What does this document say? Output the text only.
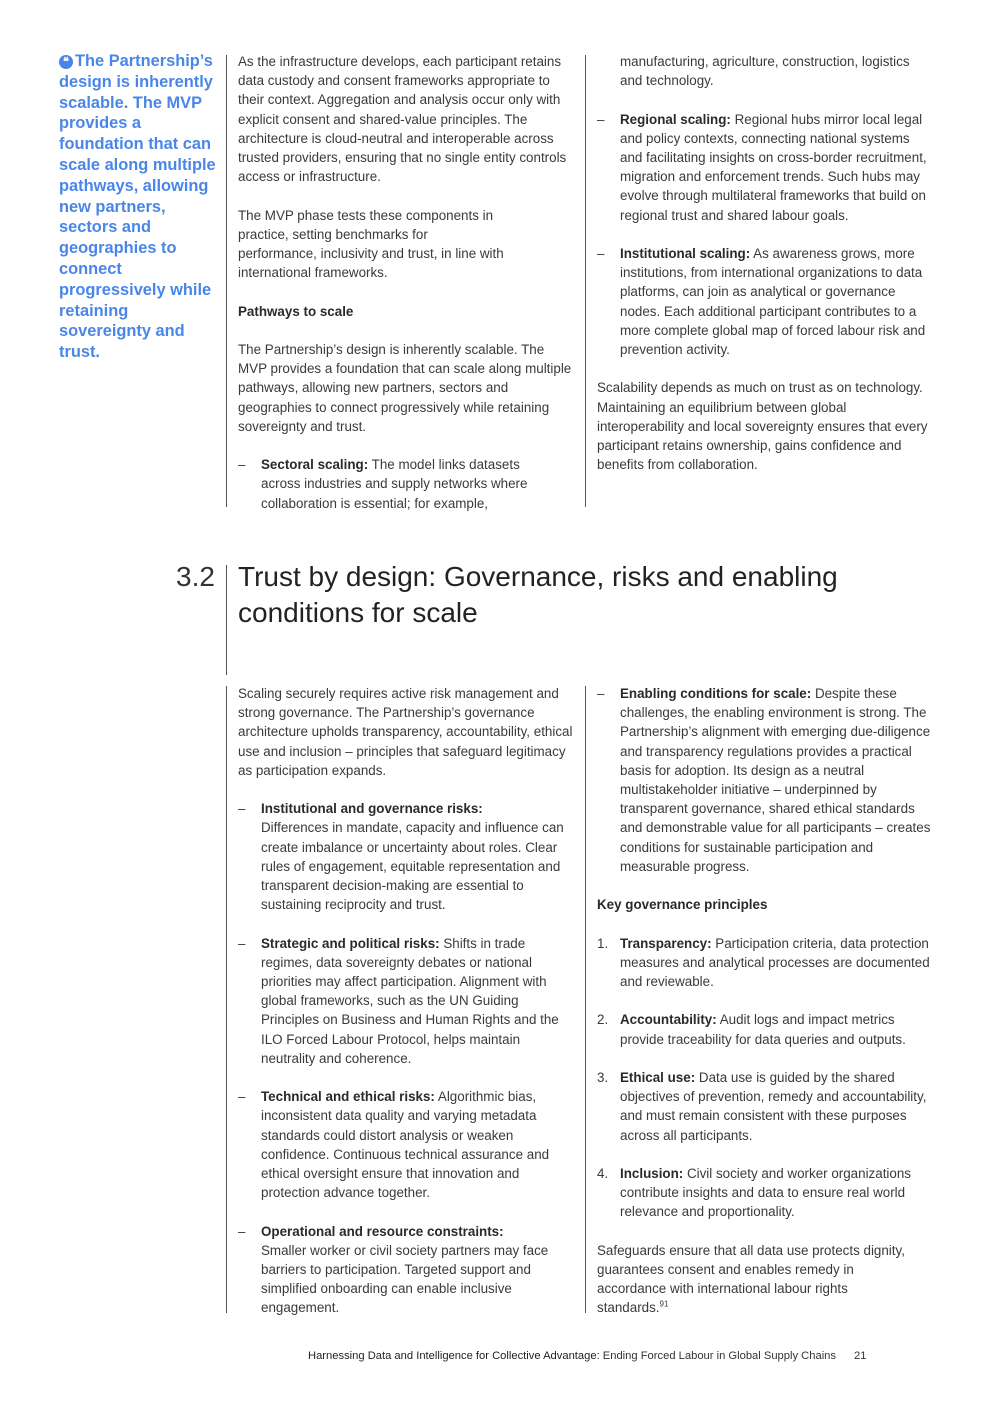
❝ The Partnership’s design is inherently scalable. The MVP provides a foundation that can scale along multiple pathways, allowing new partners, sectors and geographies to connect progressively while retaining sovereignty and trust.

As the infrastructure develops, each participant retains data custody and consent frameworks appropriate to their context. Aggregation and analysis occur only with explicit consent and shared-value principles. The architecture is cloud-neutral and interoperable across trusted providers, ensuring that no single entity controls access or infrastructure.

The MVP phase tests these components in practice, setting benchmarks for performance, inclusivity and trust, in line with international frameworks.

Pathways to scale

The Partnership’s design is inherently scalable. The MVP provides a foundation that can scale along multiple pathways, allowing new partners, sectors and geographies to connect progressively while retaining sovereignty and trust.

– Sectoral scaling: The model links datasets across industries and supply networks where collaboration is essential; for example,
manufacturing, agriculture, construction, logistics and technology.
– Regional scaling: Regional hubs mirror local legal and policy contexts, connecting national systems and facilitating insights on cross-border recruitment, migration and enforcement trends. Such hubs may evolve through multilateral frameworks that build on regional trust and shared labour goals.
– Institutional scaling: As awareness grows, more institutions, from international organizations to data platforms, can join as analytical or governance nodes. Each additional participant contributes to a more complete global map of forced labour risk and prevention activity.

Scalability depends as much on trust as on technology. Maintaining an equilibrium between global interoperability and local sovereignty ensures that every participant retains ownership, gains confidence and benefits from collaboration.

3.2 Trust by design: Governance, risks and enabling conditions for scale

Scaling securely requires active risk management and strong governance. The Partnership’s governance architecture upholds transparency, accountability, ethical use and inclusion – principles that safeguard legitimacy as participation expands.

– Institutional and governance risks:
Differences in mandate, capacity and influence can create imbalance or uncertainty about roles. Clear rules of engagement, equitable representation and transparent decision-making are essential to sustaining reciprocity and trust.
– Strategic and political risks: Shifts in trade regimes, data sovereignty debates or national priorities may affect participation. Alignment with global frameworks, such as the UN Guiding Principles on Business and Human Rights and the ILO Forced Labour Protocol, helps maintain neutrality and coherence.
– Technical and ethical risks: Algorithmic bias, inconsistent data quality and varying metadata standards could distort analysis or weaken confidence. Continuous technical assurance and ethical oversight ensure that innovation and protection advance together.
– Operational and resource constraints:
Smaller worker or civil society partners may face barriers to participation. Targeted support and simplified onboarding can enable inclusive engagement.
– Enabling conditions for scale: Despite these challenges, the enabling environment is strong. The Partnership’s alignment with emerging due-diligence and transparency regulations provides a practical basis for adoption. Its design as a neutral multistakeholder initiative – underpinned by transparent governance, shared ethical standards and demonstrable value for all participants – creates conditions for sustainable participation and measurable progress.

Key governance principles

1. Transparency: Participation criteria, data protection measures and analytical processes are documented and reviewable.
2. Accountability: Audit logs and impact metrics provide traceability for data queries and outputs.
3. Ethical use: Data use is guided by the shared objectives of prevention, remedy and accountability, and must remain consistent with these purposes across all participants.
4. Inclusion: Civil society and worker organizations contribute insights and data to ensure real world relevance and proportionality.

Safeguards ensure that all data use protects dignity, guarantees consent and enables remedy in accordance with international labour rights standards.$^{91}$

Harnessing Data and Intelligence for Collective Advantage: Ending Forced Labour in Global Supply Chains 21
